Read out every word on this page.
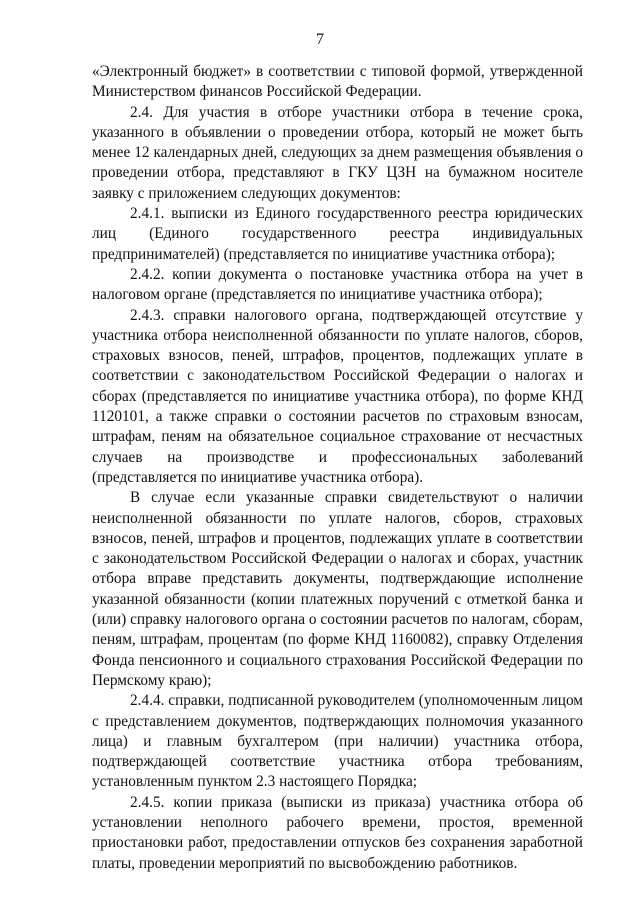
7

«Электронный бюджет» в соответствии с типовой формой, утвержденной Министерством финансов Российской Федерации.

2.4. Для участия в отборе участники отбора в течение срока, указанного в объявлении о проведении отбора, который не может быть менее 12 календарных дней, следующих за днем размещения объявления о проведении отбора, представляют в ГКУ ЦЗН на бумажном носителе заявку с приложением следующих документов:

2.4.1. выписки из Единого государственного реестра юридических лиц (Единого государственного реестра индивидуальных предпринимателей) (представляется по инициативе участника отбора);

2.4.2. копии документа о постановке участника отбора на учет в налоговом органе (представляется по инициативе участника отбора);

2.4.3. справки налогового органа, подтверждающей отсутствие у участника отбора неисполненной обязанности по уплате налогов, сборов, страховых взносов, пеней, штрафов, процентов, подлежащих уплате в соответствии с законодательством Российской Федерации о налогах и сборах (представляется по инициативе участника отбора), по форме КНД 1120101, а также справки о состоянии расчетов по страховым взносам, штрафам, пеням на обязательное социальное страхование от несчастных случаев на производстве и профессиональных заболеваний (представляется по инициативе участника отбора).

В случае если указанные справки свидетельствуют о наличии неисполненной обязанности по уплате налогов, сборов, страховых взносов, пеней, штрафов и процентов, подлежащих уплате в соответствии с законодательством Российской Федерации о налогах и сборах, участник отбора вправе представить документы, подтверждающие исполнение указанной обязанности (копии платежных поручений с отметкой банка и (или) справку налогового органа о состоянии расчетов по налогам, сборам, пеням, штрафам, процентам (по форме КНД 1160082), справку Отделения Фонда пенсионного и социального страхования Российской Федерации по Пермскому краю);

2.4.4. справки, подписанной руководителем (уполномоченным лицом с представлением документов, подтверждающих полномочия указанного лица) и главным бухгалтером (при наличии) участника отбора, подтверждающей соответствие участника отбора требованиям, установленным пунктом 2.3 настоящего Порядка;

2.4.5. копии приказа (выписки из приказа) участника отбора об установлении неполного рабочего времени, простоя, временной приостановки работ, предоставлении отпусков без сохранения заработной платы, проведении мероприятий по высвобождению работников.
